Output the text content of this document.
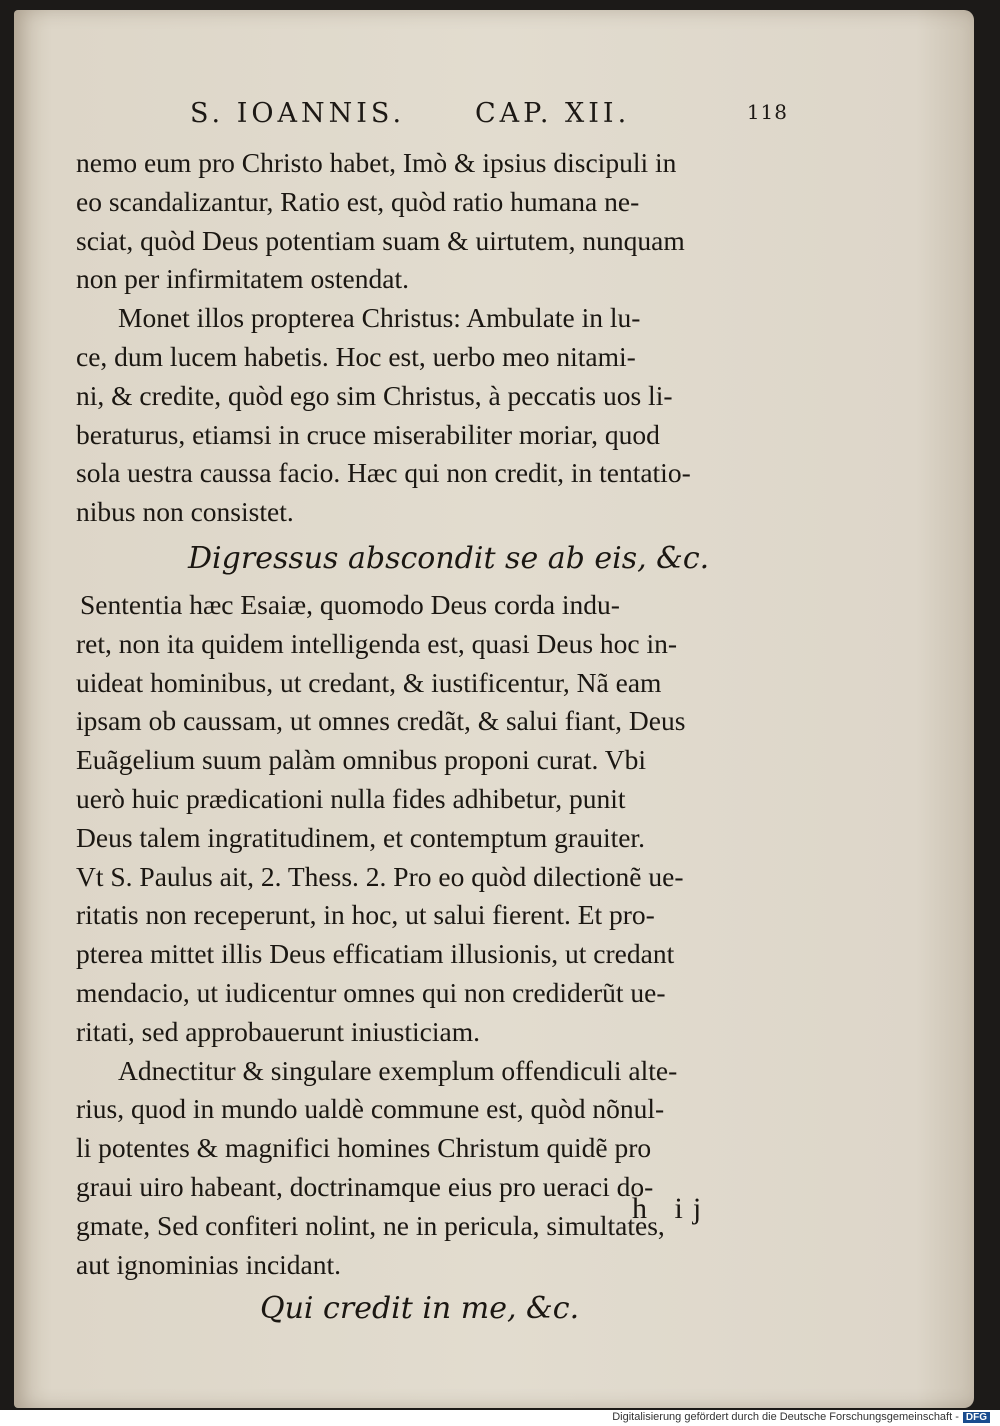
S. IOANNIS.	CAP. XII.	118
nemo eum pro Christo habet, Imò & ipsius discipuli in
eo scandalizantur, Ratio est, quòd ratio humana ne-
sciat, quòd Deus potentiam suam & uirtutem, nunquam
non per infirmitatem ostendat.
Monet illos propterea Christus: Ambulate in lu-
ce, dum lucem habetis. Hoc est, uerbo meo nitami-
ni, & credite, quòd ego sim Christus, à peccatis uos li-
beraturus, etiamsi in cruce miserabiliter moriar, quod
sola uestra caussa facio. Hæc qui non credit, in tentatio-
nibus non consistet.
Digressus abscondit se ab eis, &c.
Sententia hæc Esaiæ, quomodo Deus corda indu-
ret, non ita quidem intelligenda est, quasi Deus hoc in-
uideat hominibus, ut credant, & iustificentur, Nã eam
ipsam ob caussam, ut omnes credãt, & salui fiant, Deus
Euãgelium suum palàm omnibus proponi curat. Vbi
uerò huic prædicationi nulla fides adhibetur, punit
Deus talem ingratitudinem, et contemptum grauiter.
Vt S. Paulus ait, 2. Thess. 2. Pro eo quòd dilectionẽ ue-
ritatis non receperunt, in hoc, ut salui fierent. Et pro-
pterea mittet illis Deus efficatiam illusionis, ut credant
mendacio, ut iudicentur omnes qui non crediderũt ue-
ritati, sed approbauerunt iniusticiam.
Adnectitur & singulare exemplum offendiculi alte-
rius, quod in mundo ualdè commune est, quòd nõnul-
li potentes & magnifici homines Christum quidẽ pro
graui uiro habeant, doctrinamque eius pro ueraci do-
gmate, Sed confiteri nolint, ne in pericula, simultates,
aut ignominias incidant.
Qui credit in me, &c.
h ij

Digitalisierung gefördert durch die Deutsche Forschungsgemeinschaft - DFG
